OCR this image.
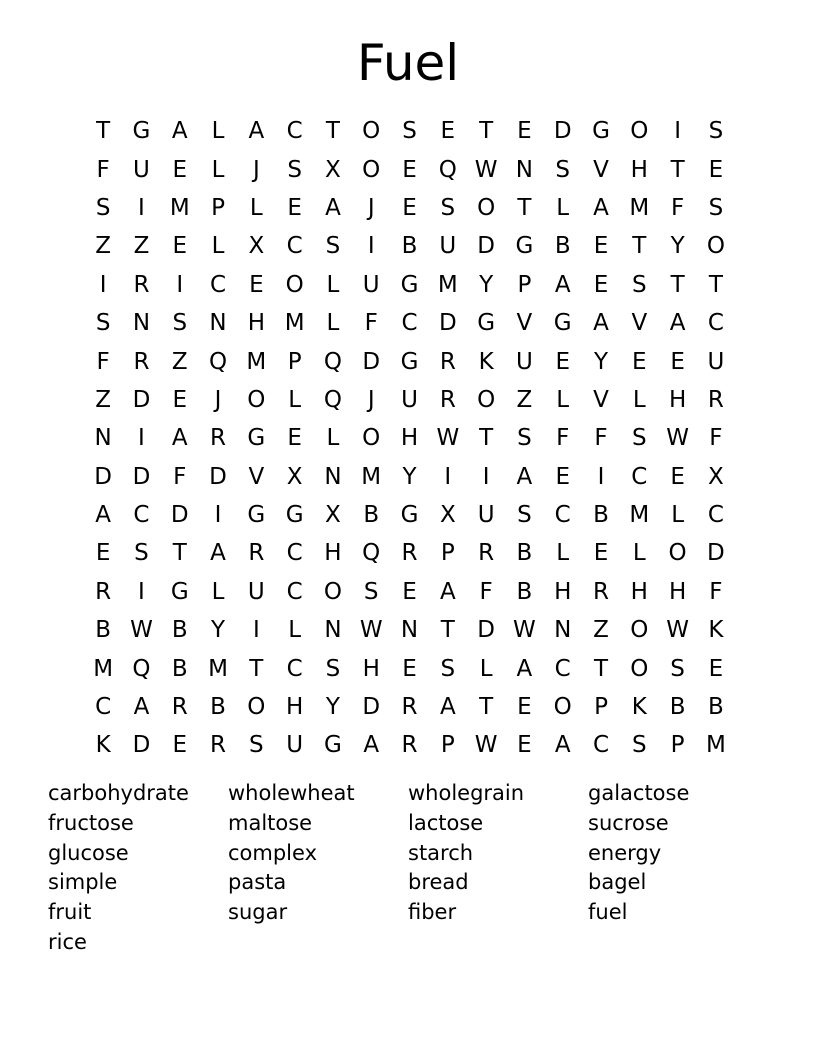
Fuel
T G A	L	A C	T O S	E	T	E D G O	I	S
F	U E	L	J	S	X O E Q W N S	V H T	E
S	I	M P	L	E	A	J	E	S O T	L	A M F	S
Z Z	E	L	X C S	I	B U D G B	E	T	Y O
I	R	I	C	E O L	U G M Y	P	A	E	S	T	T
S N S N H M L	F	C D G V G A V A C
F	R Z Q M P Q D G R K U E	Y	E	E U
Z D E	J	O L Q	J	U R O Z	L	V	L	H R
N	I	A R G E	L O H W T	S	F	F	S W F
D D F D V X N M Y	I	I	A	E	I	C	E	X
A C D	I	G G X B G X U S C B M L	C
E	S	T	A R C H Q R	P	R B	L	E	L O D
R	I	G L	U C O S	E	A	F	B H R H H	F
B W B	Y	I	L	N W N T D W N Z O W K
M Q B M T	C S H E	S	L	A C	T O S	E
C A R B O H Y D R A	T	E O P	K B B
K D E	R	S U G A R	P W E	A C S	P M
carbohydrate	wholewheat	wholegrain	galactose
fructose	maltose	lactose	sucrose
glucose	complex	starch	energy
simple	pasta	bread	bagel
fruit	sugar	fiber	fuel
rice
